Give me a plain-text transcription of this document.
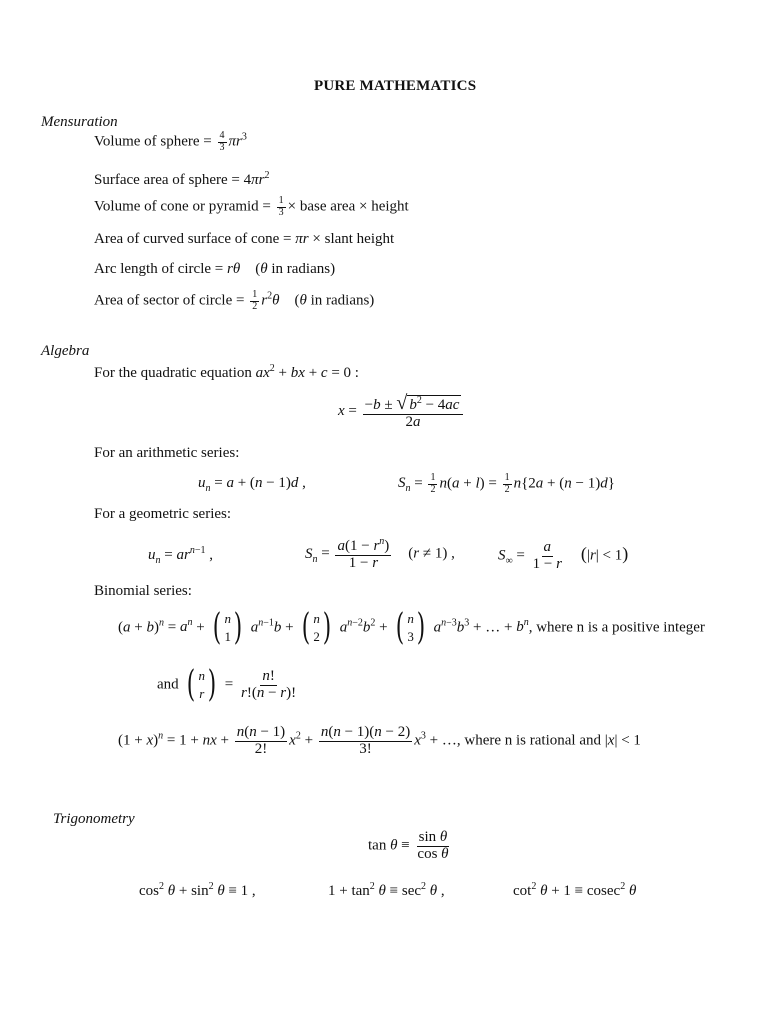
PURE MATHEMATICS
Mensuration
Volume of sphere = $\frac{4}{3} \pi r^3$
Surface area of sphere = $4\pi r^2$
Volume of cone or pyramid = $\frac{1}{3}$ × base area × height
Area of curved surface of cone = πr × slant height
Arc length of circle = rθ    (θ in radians)
Area of sector of circle = $\frac{1}{2} r^2\theta$    (θ in radians)
Algebra
For the quadratic equation $ax^2$ + bx + c = 0 :
$x = \frac{-b \pm √ b^2 - 4ac}{2a}$
For an arithmetic series:
$u_n = a + (n - 1)d$ ,	$S_n = \frac{1}{2} n(a + l) = \frac{1}{2} n\{2a + (n - 1)d\}$
For a geometric series:
$u_n = ar^{n-1}$ ,	$S_n = \frac{a(1 - r^n)}{1 - r} (r \ne 1)$ ,	$S_\infty = \frac{a}{1 - r} (|r| < 1)$
Binomial series:
$(a + b)^n = a^n$ + ( n
1 ) $a^{n-1}b$ + ( n
2 ) $a^{n-2}b^2$ + ( n
3 ) $a^{n-3}b^3$ + … + $b^n$, where n is a positive integer
and ( n
r ) = $\frac{n!}{r!(n - r)!}$
$(1 + x)^n = 1$ + nx + $\frac{n(n - 1)}{2!} x^2 + \frac{n(n - 1)(n - 2)}{3!} x^3$ + …, where n is rational and |x| < 1
Trigonometry
$\tan \theta \equiv \frac{\text{sin θ}}{\text{cos θ}}$
$\cos^2 \theta + \sin^2 \theta \equiv 1$ ,	$1 + \tan^2 \theta \equiv \sec^2 \theta$ ,	$\cot^2 \theta + 1 \equiv cosec^2$ θ
